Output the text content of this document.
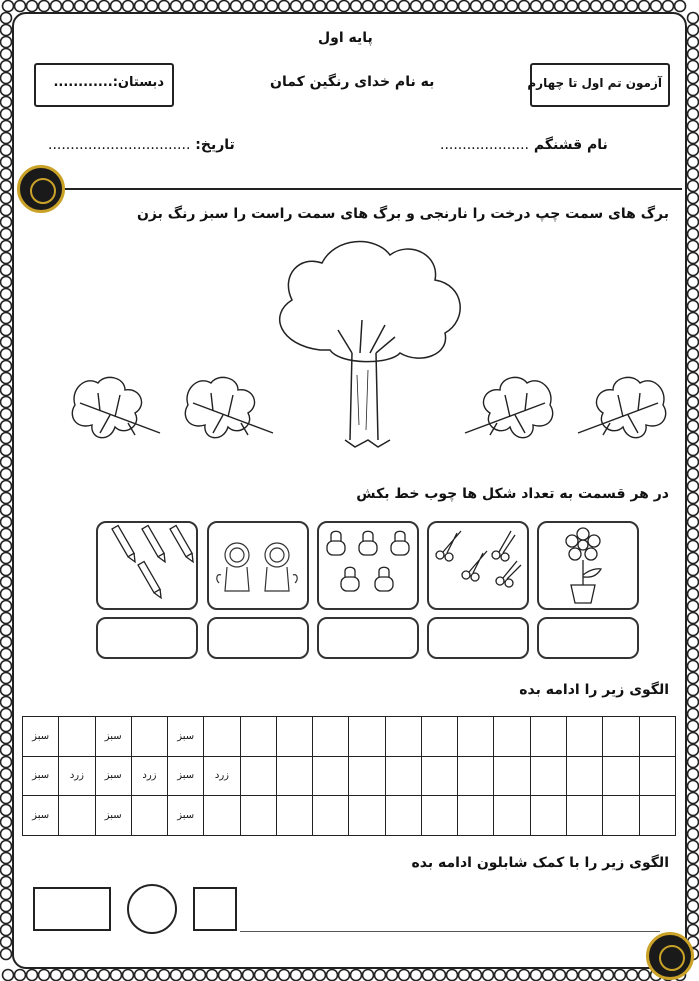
پایه اول
دبستان:............	به نام خدای رنگین کمان	آزمون تم اول تا چهارم
تاریخ: ................................	نام قشنگم ....................
برگ های سمت چپ درخت را نارنجی و برگ های سمت راست را سبز رنگ بزن
در هر قسمت به تعداد شکل ها چوب خط بکش
الگوی زیر را ادامه بده
سبز		سبز		سبز													
سبز	زرد	سبز	زرد	سبز	زرد												
سبز		سبز		سبز													
الگوی زیر را با کمک شابلون ادامه بده
